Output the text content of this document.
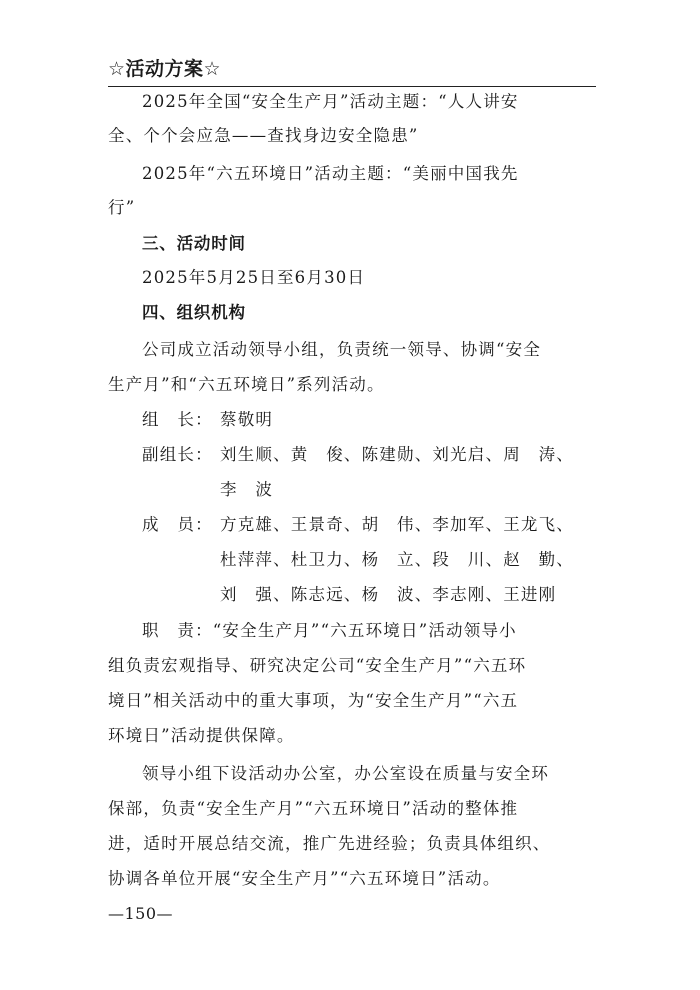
☆活动方案☆
2025年全国“安全生产月”活动主题：“人人讲安
全、个个会应急——查找身边安全隐患”
2025年“六五环境日”活动主题：“美丽中国我先
行”
三、活动时间
2025年5月25日至6月30日
四、组织机构
公司成立活动领导小组，负责统一领导、协调“安全
生产月”和“六五环境日”系列活动。
组　长： 蔡敬明
副组长： 刘生顺、黄　俊、陈建勋、刘光启、周　涛、
李　波
成　员： 方克雄、王景奇、胡　伟、李加军、王龙飞、
杜萍萍、杜卫力、杨　立、段　川、赵　勤、
刘　强、陈志远、杨　波、李志刚、王进刚
职　责：“安全生产月”“六五环境日”活动领导小
组负责宏观指导、研究决定公司“安全生产月”“六五环
境日”相关活动中的重大事项，为“安全生产月”“六五
环境日”活动提供保障。
领导小组下设活动办公室，办公室设在质量与安全环
保部，负责“安全生产月”“六五环境日”活动的整体推
进，适时开展总结交流，推广先进经验；负责具体组织、
协调各单位开展“安全生产月”“六五环境日”活动。
—150—
